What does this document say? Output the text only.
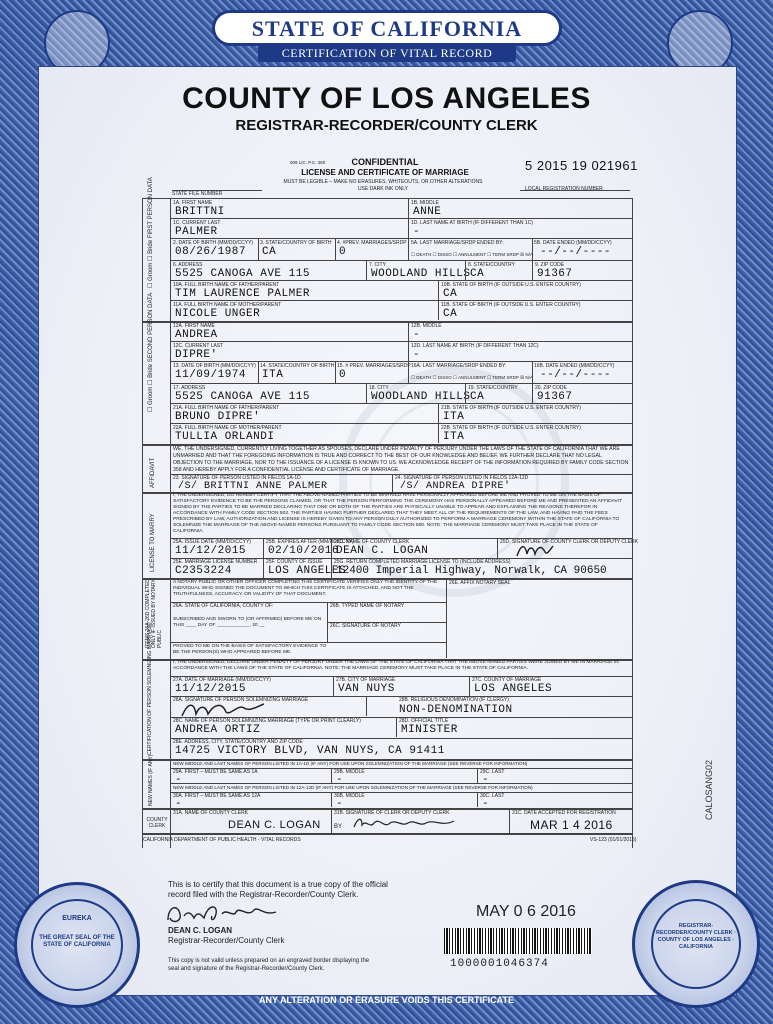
STATE OF CALIFORNIA
CERTIFICATION OF VITAL RECORD
COUNTY OF LOS ANGELES
REGISTRAR-RECORDER/COUNTY CLERK
009 LIC. P.C. 360	CONFIDENTIAL
LICENSE AND CERTIFICATE OF MARRIAGE
MUST BE LEGIBLE – MAKE NO ERASURES, WHITEOUTS, OR OTHER ALTERATIONS
USE DARK INK ONLY
5 2015 19 021961
STATE FILE NUMBER
LOCAL REGISTRATION NUMBER
☐ Groom ☐ Bride FIRST PERSON DATA	1A. FIRST NAME
BRITTNI
1B. MIDDLE
ANNE
1C. CURRENT LAST
PALMER
1D. LAST NAME AT BIRTH (IF DIFFERENT THAN 1C)
-
2. DATE OF BIRTH (MM/DD/CCYY)
08/26/1987
3. STATE/COUNTRY OF BIRTH
CA
4. #PREV. MARRIAGES/SRDP
0
5A. LAST MARRIAGE/SRDP ENDED BY:
☐ DEATH ☐ DISSO ☐ ANNULMENT ☐ TERM SRDP ☒ N/A
5B. DATE ENDED (MM/DD/CCYY)
--/--/----
6. ADDRESS
5525 CANOGA AVE 115
7. CITY
WOODLAND HILLS
8. STATE/COUNTRY
CA
9. ZIP CODE
91367
10A. FULL BIRTH NAME OF FATHER/PARENT
TIM LAURENCE PALMER
10B. STATE OF BIRTH (IF OUTSIDE U.S. ENTER COUNTRY)
CA
11A. FULL BIRTH NAME OF MOTHER/PARENT
NICOLE UNGER
11B. STATE OF BIRTH (IF OUTSIDE U.S. ENTER COUNTRY)
CA
☐ Groom ☐ Bride SECOND PERSON DATA	12A. FIRST NAME
ANDREA
12B. MIDDLE
-
12C. CURRENT LAST
DIPRE'
12D. LAST NAME AT BIRTH (IF DIFFERENT THAN 12C)
-
13. DATE OF BIRTH (MM/DD/CCYY)
11/09/1974
14. STATE/COUNTRY OF BIRTH
ITA
15. # PREV. MARRIAGES/SRDP
0
16A. LAST MARRIAGE/SRDP ENDED BY:
☐ DEATH ☐ DISSO ☐ ANNULMENT ☐ TERM SRDP ☒ N/A
16B. DATE ENDED (MM/DD/CCYY)
--/--/----
17. ADDRESS
5525 CANOGA AVE 115
18. CITY
WOODLAND HILLS
19. STATE/COUNTRY
CA
20. ZIP CODE
91367
21A. FULL BIRTH NAME OF FATHER/PARENT
BRUNO DIPRE'
21B. STATE OF BIRTH (IF OUTSIDE U.S. ENTER COUNTRY)
ITA
22A. FULL BIRTH NAME OF MOTHER/PARENT
TULLIA ORLANDI
22B. STATE OF BIRTH (IF OUTSIDE U.S. ENTER COUNTRY)
ITA
AFFIDAVIT
WE, THE UNDERSIGNED, CURRENTLY LIVING TOGETHER AS SPOUSES, DECLARE UNDER PENALTY OF PERJURY UNDER THE LAWS OF THE STATE OF CALIFORNIA THAT WE ARE UNMARRIED AND THAT THE FOREGOING INFORMATION IS TRUE AND CORRECT TO THE BEST OF OUR KNOWLEDGE AND BELIEF. WE FURTHER DECLARE THAT NO LEGAL OBJECTION TO THE MARRIAGE, NOR TO THE ISSUANCE OF A LICENSE IS KNOWN TO US. WE ACKNOWLEDGE RECEIPT OF THE INFORMATION REQUIRED BY FAMILY CODE SECTION 358 AND HEREBY APPLY FOR A CONFIDENTIAL LICENSE AND CERTIFICATE OF MARRIAGE.
23. SIGNATURE OF PERSON LISTED IN FIELDS 1A-1D
/S/ BRITTNI ANNE PALMER
24. SIGNATURE OF PERSON LISTED IN FIELDS 12A-12D
/S/ ANDREA DIPRE'
LICENSE TO MARRY
I, THE UNDERSIGNED, DO HEREBY CERTIFY THAT THE ABOVE-NAMED PARTIES TO BE MARRIED HAVE PERSONALLY APPEARED BEFORE ME AND PROVED TO ME ON THE BASIS OF SATISFACTORY EVIDENCE TO BE THE PERSONS CLAIMED, OR THAT THE PERSON PERFORMING THE CEREMONY HAS PERSONALLY APPEARED BEFORE ME AND PRESENTED AN AFFIDAVIT SIGNED BY THE PARTIES TO BE MARRIED DECLARING THAT ONE OR BOTH OF THE PARTIES ARE PHYSICALLY UNABLE TO APPEAR AND EXPLAINING THE REASONS THEREFOR IN ACCORDANCE WITH FAMILY CODE SECTION 502. THE PARTIES HAVING FURTHER DECLARED THAT THEY MEET ALL OF THE REQUIREMENTS OF THE LAW, AND HAVING PAID THE FEES PRESCRIBED BY LAW, AUTHORIZATION AND LICENSE IS HEREBY GIVEN TO ANY PERSON DULY AUTHORIZED TO PERFORM A MARRIAGE CEREMONY WITHIN THE STATE OF CALIFORNIA TO SOLEMNIZE THE MARRIAGE OF THE ABOVE-NAMED PERSONS PURSUANT TO FAMILY CODE SECTION 500. NOTE: THE MARRIAGE CEREMONY MUST TAKE PLACE IN THE STATE OF CALIFORNIA.
25A. ISSUE DATE (MM/DD/CCYY)
11/12/2015
25B. EXPIRES AFTER (MM/DD/CCYY)
02/10/2016
25C. NAME OF COUNTY CLERK
DEAN C. LOGAN
25D. SIGNATURE OF COUNTY CLERK OR DEPUTY CLERK
25E. MARRIAGE LICENSE NUMBER
C2353224
25F. COUNTY OF ISSUE
LOS ANGELES
25G. RETURN COMPLETED MARRIAGE LICENSE TO (INCLUDE ADDRESS)
12400 Imperial Highway, Norwalk, CA 90650
ITEMS 26A-26D COMPLETED ONLY IF ISSUED BY NOTARY PUBLIC
A NOTARY PUBLIC OR OTHER OFFICER COMPLETING THIS CERTIFICATE VERIFIES ONLY THE IDENTITY OF THE INDIVIDUAL WHO SIGNED THE DOCUMENT TO WHICH THIS CERTIFICATE IS ATTACHED, AND NOT THE TRUTHFULNESS, ACCURACY, OR VALIDITY OF THAT DOCUMENT.
26E. AFFIX NOTARY SEAL
26A. STATE OF CALIFORNIA, COUNTY OF:
SUBSCRIBED AND SWORN TO (OR AFFIRMED) BEFORE ME ON THIS ____ DAY OF ____________, 20 __
26B. TYPED NAME OF NOTARY
26C. SIGNATURE OF NOTARY
PROVED TO ME ON THE BASIS OF SATISFACTORY EVIDENCE TO BE THE PERSON(S) WHO APPEARED BEFORE ME.
CERTIFICATION OF PERSON SOLEMNIZING MARRIAGE	I, THE UNDERSIGNED, DECLARE UNDER PENALTY OF PERJURY UNDER THE LAWS OF THE STATE OF CALIFORNIA THAT THE ABOVE-NAMED PARTIES WERE JOINED BY ME IN MARRIAGE IN ACCORDANCE WITH THE LAWS OF THE STATE OF CALIFORNIA. NOTE: THE MARRIAGE CEREMONY MUST TAKE PLACE IN THE STATE OF CALIFORNIA.
27A. DATE OF MARRIAGE (MM/DD/CCYY)
11/12/2015
27B. CITY OF MARRIAGE
VAN NUYS
27C. COUNTY OF MARRIAGE
LOS ANGELES
28A. SIGNATURE OF PERSON SOLEMNIZING MARRIAGE	28B. RELIGIOUS DENOMINATION (IF CLERGY)
NON-DENOMINATION
28C. NAME OF PERSON SOLEMNIZING MARRIAGE (TYPE OR PRINT CLEARLY)
ANDREA ORTIZ
28D. OFFICIAL TITLE
MINISTER
28E. ADDRESS, CITY, STATE/COUNTRY AND ZIP CODE
14725 VICTORY BLVD, VAN NUYS, CA 91411
NEW NAMES (IF ANY)	NEW MIDDLE AND LAST NAMES OF PERSON LISTED IN 1A-1D (IF ANY) FOR USE UPON SOLEMNIZATION OF THE MARRIAGE (SEE REVERSE FOR INFORMATION)
29A. FIRST – MUST BE SAME AS 1A
-
29B. MIDDLE
-
29C. LAST
-
NEW MIDDLE AND LAST NAMES OF PERSON LISTED IN 12A-12D (IF ANY) FOR USE UPON SOLEMNIZATION OF THE MARRIAGE (SEE REVERSE FOR INFORMATION)
30A. FIRST – MUST BE SAME AS 12A
-
30B. MIDDLE
-
30C. LAST
-
COUNTY CLERK
31A. NAME OF COUNTY CLERK
DEAN C. LOGAN
31B. SIGNATURE OF CLERK OR DEPUTY CLERK
BY
31C. DATE ACCEPTED FOR REGISTRATION
MAR 1 4 2016
CALIFORNIA DEPARTMENT OF PUBLIC HEALTH - VITAL RECORDS	VS-123 (01/01/2015)
CALOSANG02
This is to certify that this document is a true copy of the official
record filed with the Registrar-Recorder/County Clerk.
DEAN C. LOGAN
Registrar-Recorder/County Clerk
This copy is not valid unless prepared on an engraved border displaying the
seal and signature of the Registrar-Recorder/County Clerk.
MAY 0 6 2016
1000001046374
THE GREAT SEAL OF THE STATE OF CALIFORNIA
EUREKA
REGISTRAR-RECORDER/COUNTY CLERK · COUNTY OF LOS ANGELES · CALIFORNIA
ANY ALTERATION OR ERASURE VOIDS THIS CERTIFICATE
